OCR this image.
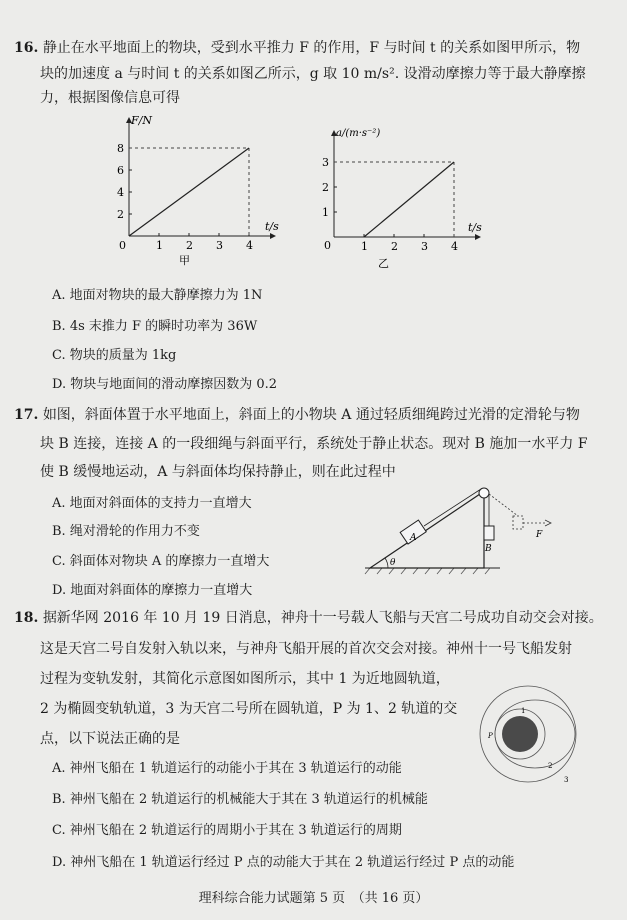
16. 静止在水平地面上的物块，受到水平推力 F 的作用，F 与时间 t 的关系如图甲所示，物
块的加速度 a 与时间 t 的关系如图乙所示，g 取 10 m/s². 设滑动摩擦力等于最大静摩擦
力，根据图像信息可得
1 2 3 4
2
4
6
8
F/N
t/s
0
甲
1 2 3 4
1
2
3
a/(m·s⁻²)
t/s
0
乙
A. 地面对物块的最大静摩擦力为 1N
B. 4s 末推力 F 的瞬时功率为 36W
C. 物块的质量为 1kg
D. 物块与地面间的滑动摩擦因数为 0.2
17. 如图，斜面体置于水平地面上，斜面上的小物块 A 通过轻质细绳跨过光滑的定滑轮与物
块 B 连接，连接 A 的一段细绳与斜面平行，系统处于静止状态。现对 B 施加一水平力 F
使 B 缓慢地运动，A 与斜面体均保持静止，则在此过程中
A. 地面对斜面体的支持力一直增大
B. 绳对滑轮的作用力不变
C. 斜面体对物块 A 的摩擦力一直增大
D. 地面对斜面体的摩擦力一直增大
θ
A
B
F
18. 据新华网 2016 年 10 月 19 日消息，神舟十一号载人飞船与天宫二号成功自动交会对接。
这是天宫二号自发射入轨以来，与神舟飞船开展的首次交会对接。神州十一号飞船发射
过程为变轨发射，其简化示意图如图所示，其中 1 为近地圆轨道，
2 为椭圆变轨轨道，3 为天宫二号所在圆轨道，P 为 1、2 轨道的交
点，以下说法正确的是	P
1
2
3
A. 神州飞船在 1 轨道运行的动能小于其在 3 轨道运行的动能
B. 神州飞船在 2 轨道运行的机械能大于其在 3 轨道运行的机械能
C. 神州飞船在 2 轨道运行的周期小于其在 3 轨道运行的周期
D. 神州飞船在 1 轨道运行经过 P 点的动能大于其在 2 轨道运行经过 P 点的动能
理科综合能力试题第 5 页　（共 16 页）
